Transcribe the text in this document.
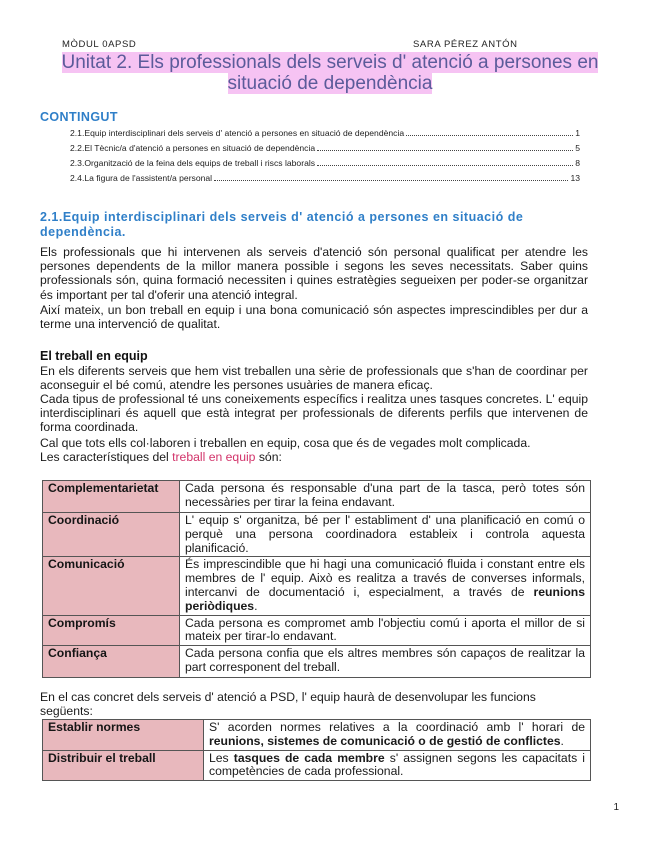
MÒDUL 0APSD	SARA PÉREZ ANTÓN
Unitat 2. Els professionals dels serveis d' atenció a persones en situació de dependència
CONTINGUT
2.1.Equip interdisciplinari dels serveis d' atenció a persones en situació de dependència	1
2.2.El Tècnic/a d'atenció a persones en situació de dependència	5
2.3.Organització de la feina dels equips de treball i riscs laborals	8
2.4.La figura de l'assistent/a personal	13
2.1.Equip interdisciplinari dels serveis d' atenció a persones en situació de dependència.
Els professionals que hi intervenen als serveis d'atenció són personal qualificat per atendre les persones dependents de la millor manera possible i segons les seves necessitats. Saber quins professionals són, quina formació necessiten i quines estratègies segueixen per poder-se organitzar és important per tal d'oferir una atenció integral.
Així mateix, un bon treball en equip i una bona comunicació són aspectes imprescindibles per dur a terme una intervenció de qualitat.
El treball en equip
En els diferents serveis que hem vist treballen una sèrie de professionals que s'han de coordinar per aconseguir el bé comú, atendre les persones usuàries de manera eficaç.
Cada tipus de professional té uns coneixements específics i realitza unes tasques concretes. L' equip interdisciplinari és aquell que està integrat per professionals de diferents perfils que intervenen de forma coordinada.
Cal que tots ells col·laboren i treballen en equip, cosa que és de vegades molt complicada.
Les característiques del treball en equip són:
Complementarietat	Cada persona és responsable d'una part de la tasca, però totes són necessàries per tirar la feina endavant.
Coordinació	L' equip s' organitza, bé per l' establiment d' una planificació en comú o perquè una persona coordinadora estableix i controla aquesta planificació.
Comunicació	És imprescindible que hi hagi una comunicació fluida i constant entre els membres de l' equip. Això es realitza a través de converses informals, intercanvi de documentació i, especialment, a través de reunions periòdiques.
Compromís	Cada persona es compromet amb l'objectiu comú i aporta el millor de si mateix per tirar-lo endavant.
Confiança	Cada persona confia que els altres membres són capaços de realitzar la part corresponent del treball.
En el cas concret dels serveis d' atenció a PSD, l' equip haurà de desenvolupar les funcions següents:
Establir normes	S' acorden normes relatives a la coordinació amb l' horari de reunions, sistemes de comunicació o de gestió de conflictes.
Distribuir el treball	Les tasques de cada membre s' assignen segons les capacitats i competències de cada professional.
1
